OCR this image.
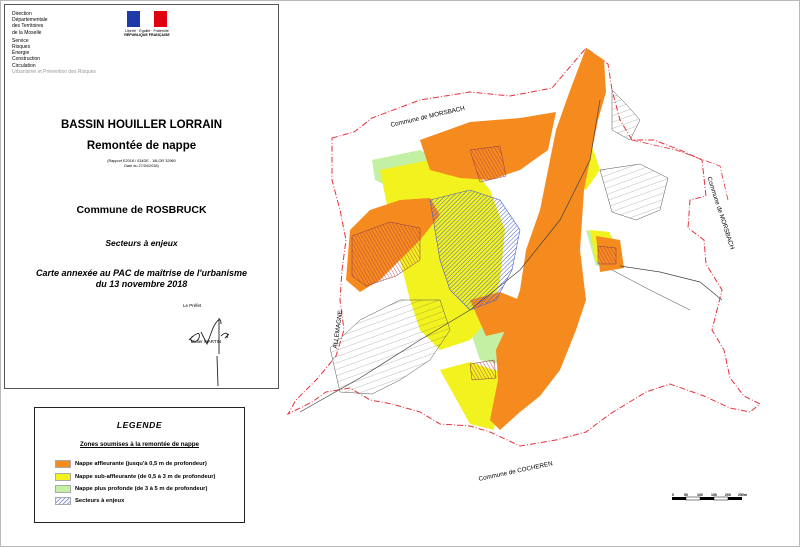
Direction
Départementale
des Territoires
de la Moselle
Service
Risques
Énergie
Construction
Circulation
Urbanisme et Prévention des Risques
Liberté · Égalité · Fraternité
RÉPUBLIQUE FRANÇAISE
BASSIN HOUILLER LORRAIN
Remontée de nappe
(Rapport E2018 / 034DE - 18LOR 32960
Date du 27/04/2018)
Commune de ROSBRUCK
Secteurs à enjeux
Carte annexée au PAC de maîtrise de l'urbanisme
du 13 novembre 2018
Le Préfet
Didier MARTIN
LEGENDE
Zones soumises à la remontée de nappe
Nappe affleurante (jusqu'à 0,5 m de profondeur)
Nappe sub-affleurante (de 0,5 à 3 m de profondeur)
Nappe plus profonde (de 3 à 5 m de profondeur)
Secteurs à enjeux
0	50	100 150 200 250m
Commune de MORSBACH
Commune de MORSBACH
ALLEMAGNE
Commune de COCHEREN
